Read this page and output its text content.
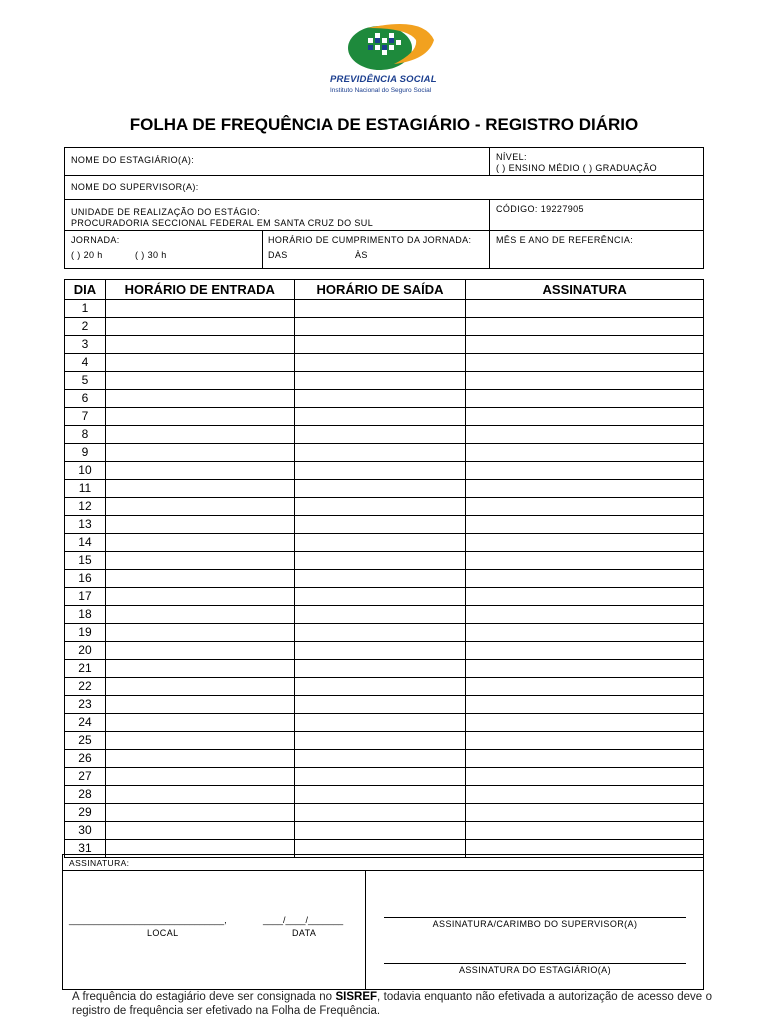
PREVIDÊNCIA SOCIAL
Instituto Nacional do Seguro Social
FOLHA DE FREQUÊNCIA DE ESTAGIÁRIO - REGISTRO DIÁRIO
NOME DO ESTAGIÁRIO(A):	NÍVEL:
( ) ENSINO MÉDIO ( ) GRADUAÇÃO
NOME DO SUPERVISOR(A):
UNIDADE DE REALIZAÇÃO DO ESTÁGIO:
PROCURADORIA SECCIONAL FEDERAL EM SANTA CRUZ DO SUL
CÓDIGO: 19227905
JORNADA:
( ) 20 h	( ) 30 h
HORÁRIO DE CUMPRIMENTO DA JORNADA:
DAS	ÀS
MÊS E ANO DE REFERÊNCIA:
DIA	HORÁRIO DE ENTRADA	HORÁRIO DE SAÍDA	ASSINATURA
1			
2			
3			
4			
5			
6			
7			
8			
9			
10			
11			
12			
13			
14			
15			
16			
17			
18			
19			
20			
21			
22			
23			
24			
25			
26			
27			
28			
29			
30			
31			
ASSINATURA:
_______________________________,	____/____/_______
LOCAL	DATA
ASSINATURA/CARIMBO DO SUPERVISOR(A)
ASSINATURA DO ESTAGIÁRIO(A)
A frequência do estagiário deve ser consignada no SISREF, todavia enquanto não efetivada a autorização de acesso deve o registro de frequência ser efetivado na Folha de Frequência.
